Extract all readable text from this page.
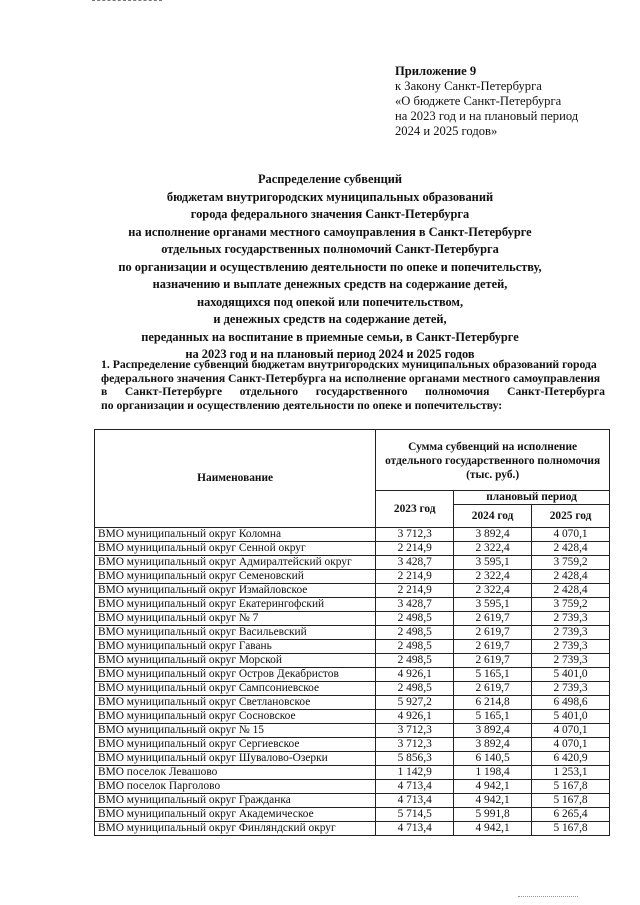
Приложение 9
к Закону Санкт-Петербурга
«О бюджете Санкт-Петербурга
на 2023 год и на плановый период
2024 и 2025 годов»
Распределение субвенций
бюджетам внутригородских муниципальных образований
города федерального значения Санкт-Петербурга
на исполнение органами местного самоуправления в Санкт-Петербурге
отдельных государственных полномочий Санкт-Петербурга
по организации и осуществлению деятельности по опеке и попечительству,
назначению и выплате денежных средств на содержание детей,
находящихся под опекой или попечительством,
и денежных средств на содержание детей,
переданных на воспитание в приемные семьи, в Санкт-Петербурге
на 2023 год и на плановый период 2024 и 2025 годов
1. Распределение субвенций бюджетам внутригородских муниципальных образований города
федерального значения Санкт-Петербурга на исполнение органами местного самоуправления
в Санкт-Петербурге отдельного государственного полномочия Санкт-Петербурга
по организации и осуществлению деятельности по опеке и попечительству:
Наименование	Сумма субвенций на исполнение отдельного государственного полномочия (тыс. руб.)		
	2023 год	плановый период	
		2024 год	2025 год
ВМО муниципальный округ Коломна	3 712,3	3 892,4	4 070,1
ВМО муниципальный округ Сенной округ	2 214,9	2 322,4	2 428,4
ВМО муниципальный округ Адмиралтейский округ	3 428,7	3 595,1	3 759,2
ВМО муниципальный округ Семеновский	2 214,9	2 322,4	2 428,4
ВМО муниципальный округ Измайловское	2 214,9	2 322,4	2 428,4
ВМО муниципальный округ Екатерингофский	3 428,7	3 595,1	3 759,2
ВМО муниципальный округ № 7	2 498,5	2 619,7	2 739,3
ВМО муниципальный округ Васильевский	2 498,5	2 619,7	2 739,3
ВМО муниципальный округ Гавань	2 498,5	2 619,7	2 739,3
ВМО муниципальный округ Морской	2 498,5	2 619,7	2 739,3
ВМО муниципальный округ Остров Декабристов	4 926,1	5 165,1	5 401,0
ВМО муниципальный округ Сампсониевское	2 498,5	2 619,7	2 739,3
ВМО муниципальный округ Светлановское	5 927,2	6 214,8	6 498,6
ВМО муниципальный округ Сосновское	4 926,1	5 165,1	5 401,0
ВМО муниципальный округ № 15	3 712,3	3 892,4	4 070,1
ВМО муниципальный округ Сергиевское	3 712,3	3 892,4	4 070,1
ВМО муниципальный округ Шувалово-Озерки	5 856,3	6 140,5	6 420,9
ВМО поселок Левашово	1 142,9	1 198,4	1 253,1
ВМО поселок Парголово	4 713,4	4 942,1	5 167,8
ВМО муниципальный округ Гражданка	4 713,4	4 942,1	5 167,8
ВМО муниципальный округ Академическое	5 714,5	5 991,8	6 265,4
ВМО муниципальный округ Финляндский округ	4 713,4	4 942,1	5 167,8
